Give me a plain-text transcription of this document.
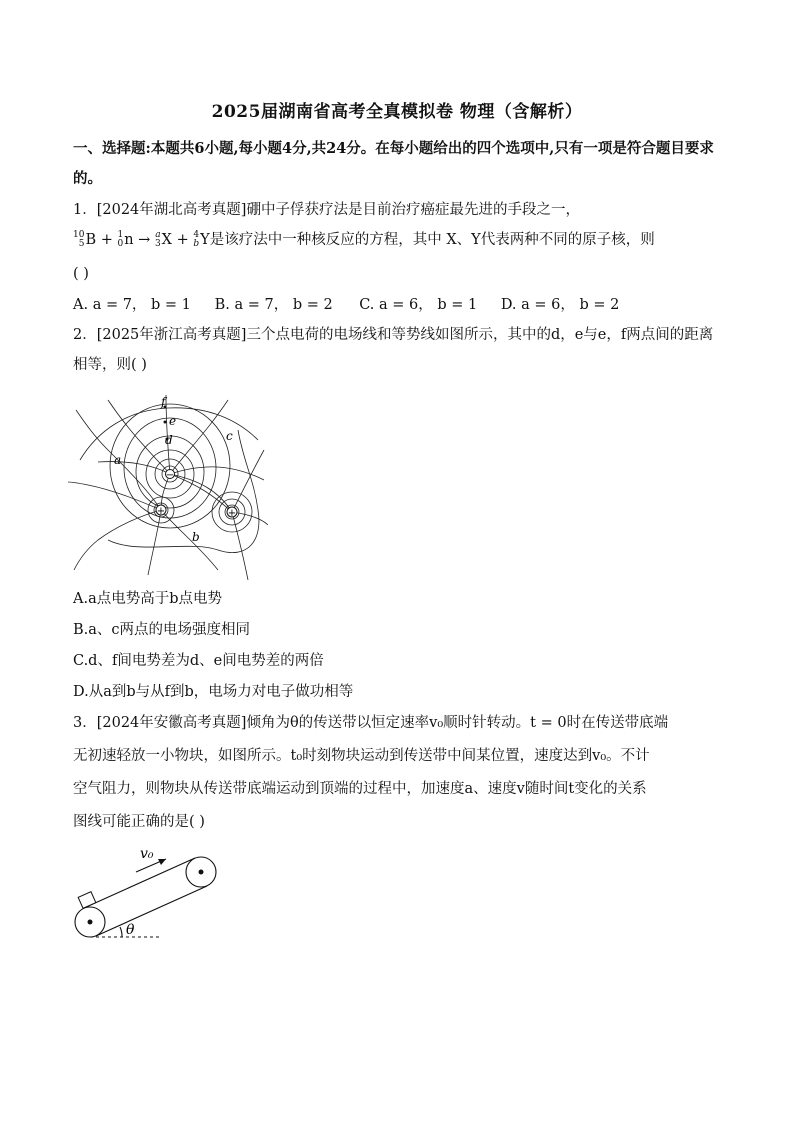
2025届湖南省高考全真模拟卷 物理（含解析）
一、选择题:本题共6小题,每小题4分,共24分。在每小题给出的四个选项中,只有一项是符合题目要求的。
1．[2024年湖北高考真题]硼中子俘获疗法是目前治疗癌症最先进的手段之一，
10
5 B + 1
0 n → a
3 X + 4
b Y是该疗法中一种核反应的方程，其中 X、Y代表两种不同的原子核，则
( )
A. a = 7， b = 1 B. a = 7， b = 2 C. a = 6， b = 1 D. a = 6， b = 2
2．[2025年浙江高考真题]三个点电荷的电场线和等势线如图所示，其中的d，e与e，f两点间的距离相等，则( )
−
+	+
f
e
d
a
c
b
A.a点电势高于b点电势
B.a、c两点的电场强度相同
C.d、f间电势差为d、e间电势差的两倍
D.从a到b与从f到b，电场力对电子做功相等
3．[2024年安徽高考真题]倾角为θ的传送带以恒定速率v₀顺时针转动。t = 0时在传送带底端
无初速轻放一小物块，如图所示。t₀时刻物块运动到传送带中间某位置，速度达到v₀。不计
空气阻力，则物块从传送带底端运动到顶端的过程中，加速度a、速度v随时间t变化的关系
图线可能正确的是( )
v₀
θ
